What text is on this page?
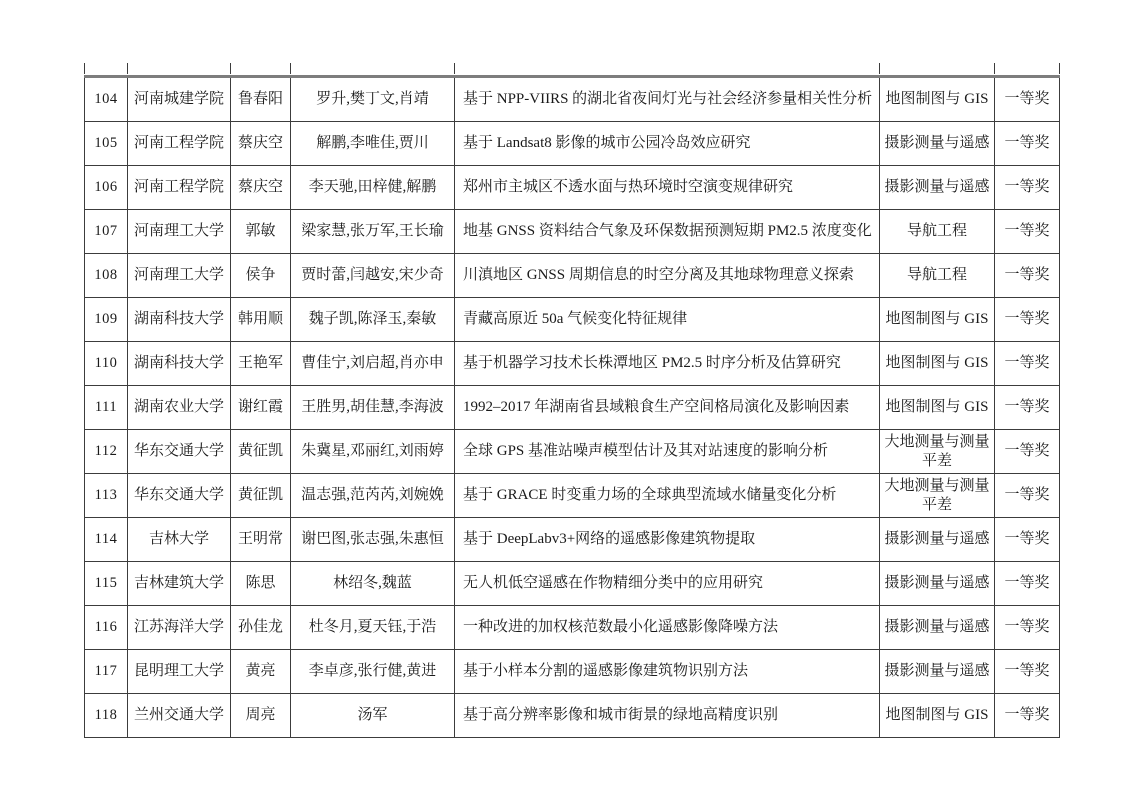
104	河南城建学院	鲁春阳	罗升,樊丁文,肖靖	基于 NPP-VIIRS 的湖北省夜间灯光与社会经济参量相关性分析	地图制图与 GIS	一等奖
105	河南工程学院	蔡庆空	解鹏,李唯佳,贾川	基于 Landsat8 影像的城市公园冷岛效应研究	摄影测量与遥感	一等奖
106	河南工程学院	蔡庆空	李天驰,田梓健,解鹏	郑州市主城区不透水面与热环境时空演变规律研究	摄影测量与遥感	一等奖
107	河南理工大学	郭敏	梁家慧,张万军,王长瑜	地基 GNSS 资料结合气象及环保数据预测短期 PM2.5 浓度变化	导航工程	一等奖
108	河南理工大学	侯争	贾时蕾,闫越安,宋少奇	川滇地区 GNSS 周期信息的时空分离及其地球物理意义探索	导航工程	一等奖
109	湖南科技大学	韩用顺	魏子凯,陈泽玉,秦敏	青藏高原近 50a 气候变化特征规律	地图制图与 GIS	一等奖
110	湖南科技大学	王艳军	曹佳宁,刘启超,肖亦申	基于机器学习技术长株潭地区 PM2.5 时序分析及估算研究	地图制图与 GIS	一等奖
111	湖南农业大学	谢红霞	王胜男,胡佳慧,李海波	1992–2017 年湖南省县域粮食生产空间格局演化及影响因素	地图制图与 GIS	一等奖
112	华东交通大学	黄征凯	朱冀星,邓丽红,刘雨婷	全球 GPS 基准站噪声模型估计及其对站速度的影响分析	大地测量与测量平差	一等奖
113	华东交通大学	黄征凯	温志强,范芮芮,刘婉娩	基于 GRACE 时变重力场的全球典型流域水储量变化分析	大地测量与测量平差	一等奖
114	吉林大学	王明常	谢巴图,张志强,朱惠恒	基于 DeepLabv3+网络的遥感影像建筑物提取	摄影测量与遥感	一等奖
115	吉林建筑大学	陈思	林绍冬,魏蓝	无人机低空遥感在作物精细分类中的应用研究	摄影测量与遥感	一等奖
116	江苏海洋大学	孙佳龙	杜冬月,夏天钰,于浩	一种改进的加权核范数最小化遥感影像降噪方法	摄影测量与遥感	一等奖
117	昆明理工大学	黄亮	李卓彦,张行健,黄进	基于小样本分割的遥感影像建筑物识别方法	摄影测量与遥感	一等奖
118	兰州交通大学	周亮	汤军	基于高分辨率影像和城市街景的绿地高精度识别	地图制图与 GIS	一等奖
